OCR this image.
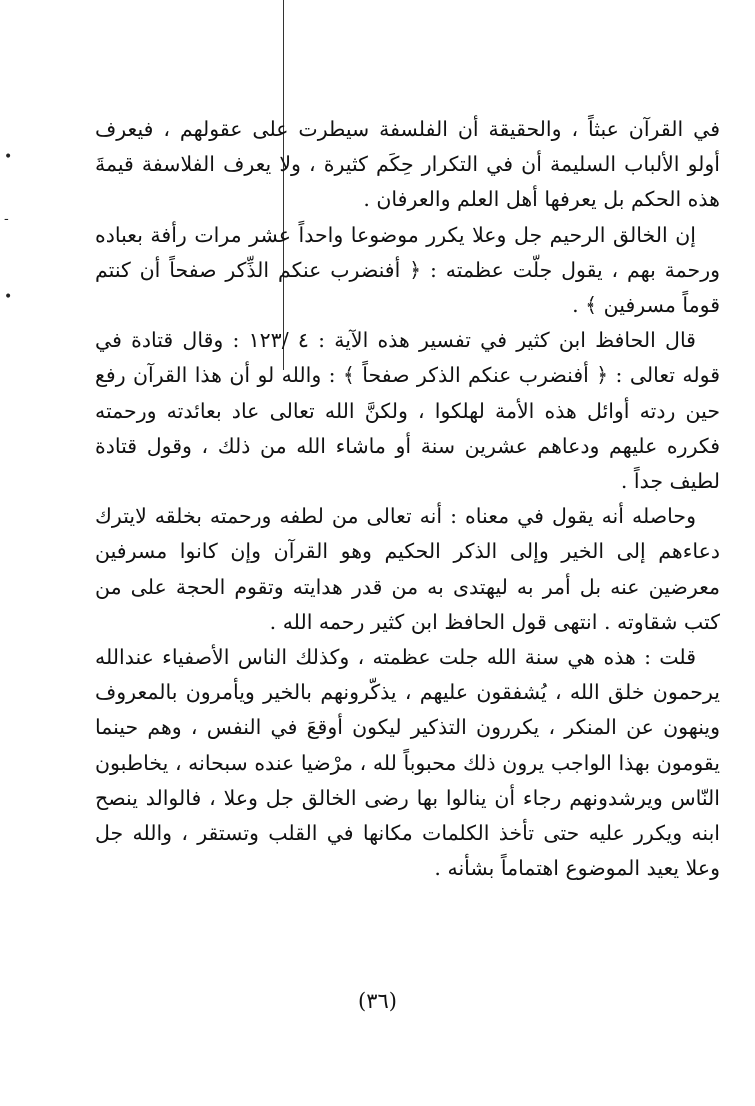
•
-
•

في القرآن عبثاً ، والحقيقة أن الفلسفة سيطرت على عقولهم ، فيعرف أولو الألباب السليمة أن في التكرار حِكَم كثيرة ، ولا يعرف الفلاسفة قيمةَ هذه الحكم بل يعرفها أهل العلم والعرفان .

إن الخالق الرحيم جل وعلا يكرر موضوعا واحداً عشر مرات رأفة بعباده ورحمة بهم ، يقول جلّت عظمته : ﴿ أفنضرب عنكم الذِّكر صفحاً أن كنتم قوماً مسرفين ﴾ .

قال الحافظ ابن كثير في تفسير هذه الآية : ٤ /١٢٣ : وقال قتادة في قوله تعالى : ﴿ أفنضرب عنكم الذكر صفحاً ﴾ : والله لو أن هذا القرآن رفع حين ردته أوائل هذه الأمة لهلكوا ، ولكنَّ الله تعالى عاد بعائدته ورحمته فكرره عليهم ودعاهم عشرين سنة أو ماشاء الله من ذلك ، وقول قتادة لطيف جداً .

وحاصله أنه يقول في معناه : أنه تعالى من لطفه ورحمته بخلقه لايترك دعاءهم إلى الخير وإلى الذكر الحكيم وهو القرآن وإن كانوا مسرفين معرضين عنه بل أمر به ليهتدى به من قدر هدايته وتقوم الحجة على من كتب شقاوته . انتهى قول الحافظ ابن كثير رحمه الله .

قلت : هذه هي سنة الله جلت عظمته ، وكذلك الناس الأصفياء عندالله يرحمون خلق الله ، يُشفقون عليهم ، يذكّرونهم بالخير ويأمرون بالمعروف وينهون عن المنكر ، يكررون التذكير ليكون أوقعَ في النفس ، وهم حينما يقومون بهذا الواجب يرون ذلك محبوباً لله ، مرْضيا عنده سبحانه ، يخاطبون النّاس ويرشدونهم رجاء أن ينالوا بها رضى الخالق جل وعلا ، فالوالد ينصح ابنه ويكرر عليه حتى تأخذ الكلمات مكانها في القلب وتستقر ، والله جل وعلا يعيد الموضوع اهتماماً بشأنه .

(٣٦)
